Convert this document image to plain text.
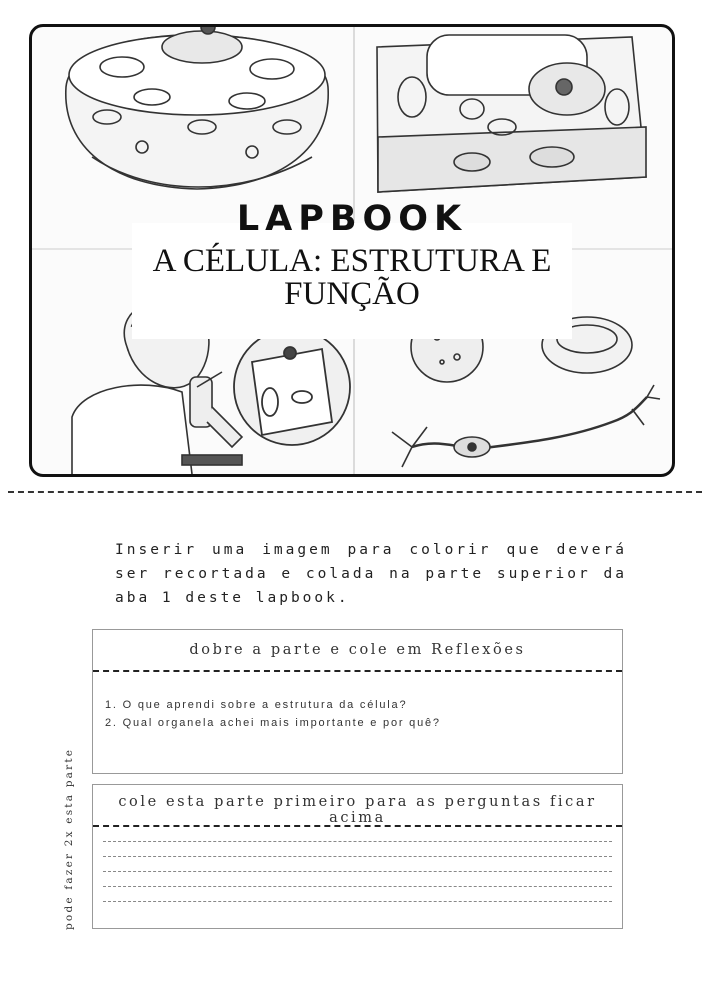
LAPBOOK
A CÉLULA: ESTRUTURA E FUNÇÃO
Inserir uma imagem para colorir que deverá ser recortada e colada na parte superior da aba 1 deste lapbook.
dobre a parte e cole em Reflexões
1. O que aprendi sobre a estrutura da célula?
2. Qual organela achei mais importante e por quê?
cole esta parte primeiro para as perguntas ficar acima
pode fazer 2x esta parte
